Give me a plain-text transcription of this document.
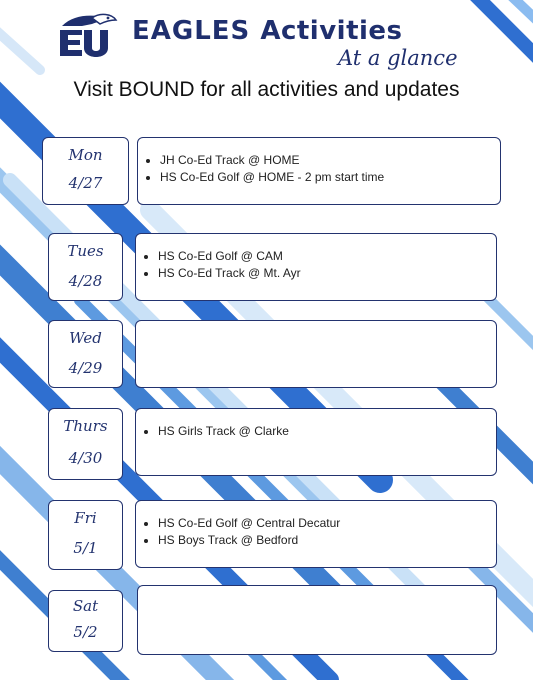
EAGLES Activities
At a glance
Visit BOUND for all activities and updates
Mon
4/27
• JH Co-Ed Track @ HOME
• HS Co-Ed Golf @ HOME - 2 pm start time
Tues
4/28
• HS Co-Ed Golf @ CAM
• HS Co-Ed Track @ Mt. Ayr
Wed
4/29
Thurs
4/30
• HS Girls Track @ Clarke
Fri
5/1
• HS Co-Ed Golf @ Central Decatur
• HS Boys Track @ Bedford
Sat
5/2
